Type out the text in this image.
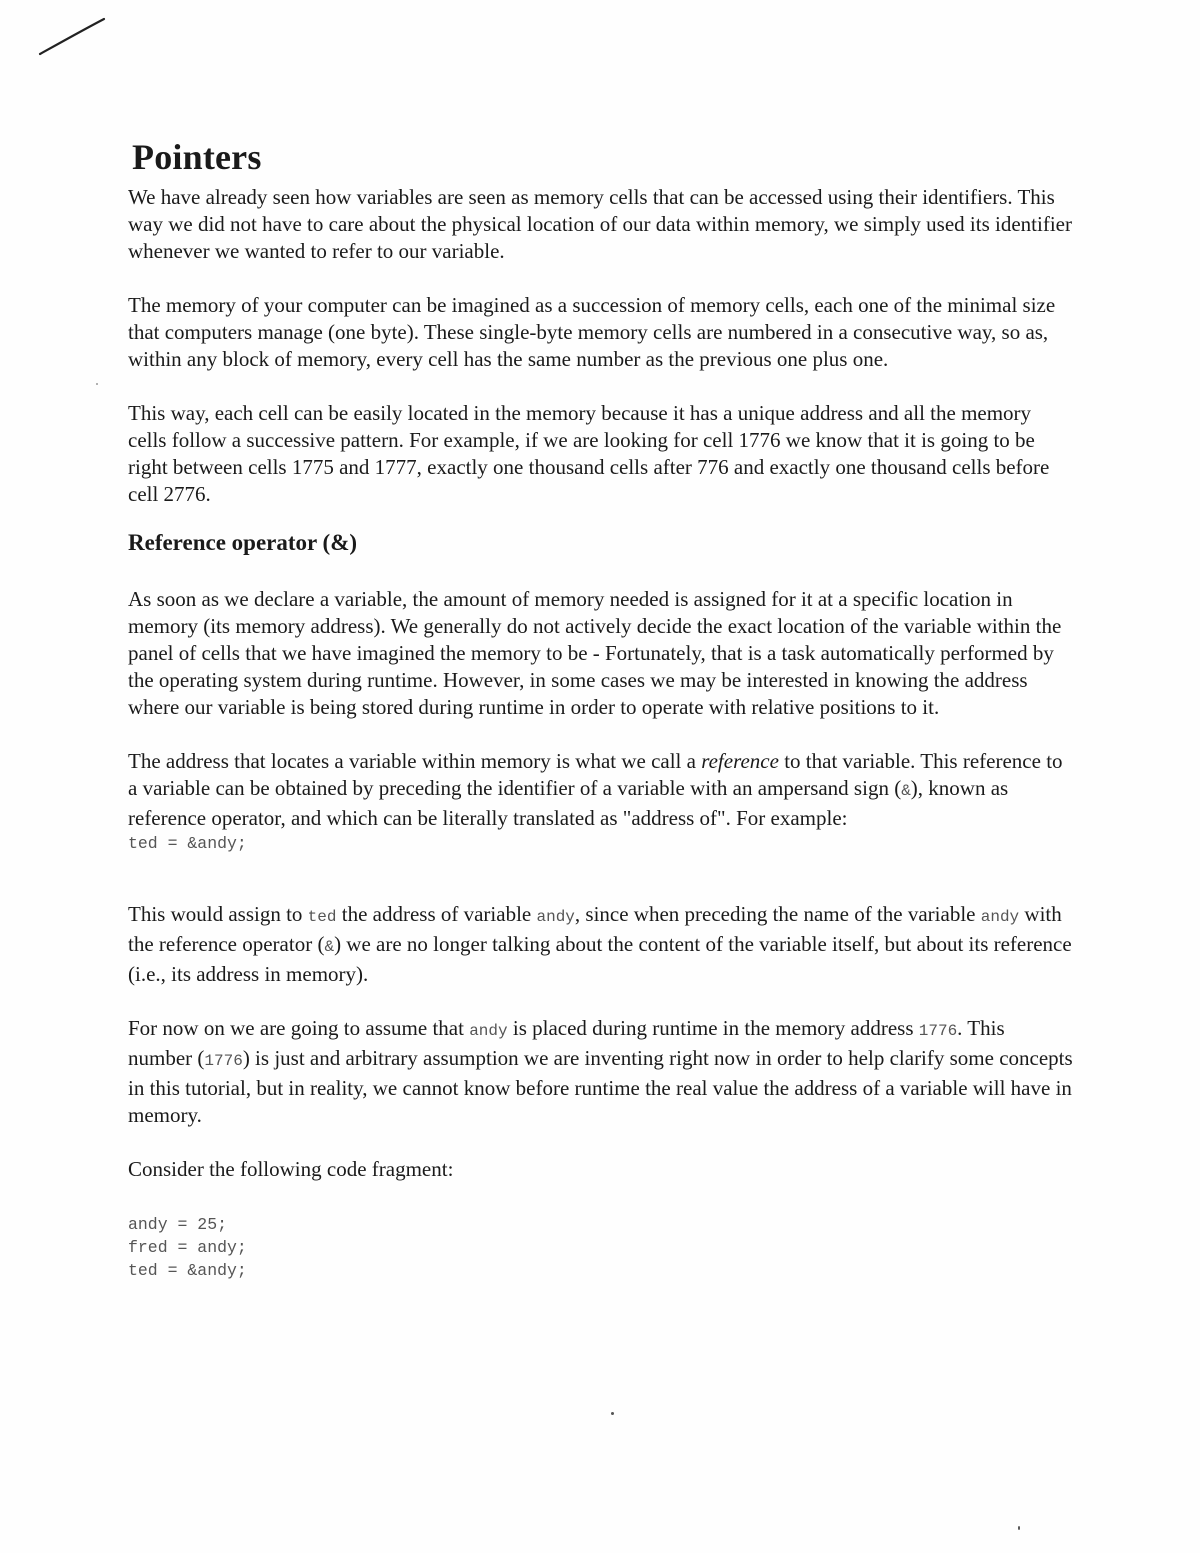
Pointers

We have already seen how variables are seen as memory cells that can be accessed using their identifiers. This way we did not have to care about the physical location of our data within memory, we simply used its identifier whenever we wanted to refer to our variable.

The memory of your computer can be imagined as a succession of memory cells, each one of the minimal size that computers manage (one byte). These single-byte memory cells are numbered in a consecutive way, so as, within any block of memory, every cell has the same number as the previous one plus one.

This way, each cell can be easily located in the memory because it has a unique address and all the memory cells follow a successive pattern. For example, if we are looking for cell 1776 we know that it is going to be right between cells 1775 and 1777, exactly one thousand cells after 776 and exactly one thousand cells before cell 2776.

Reference operator (&)

As soon as we declare a variable, the amount of memory needed is assigned for it at a specific location in memory (its memory address). We generally do not actively decide the exact location of the variable within the panel of cells that we have imagined the memory to be - Fortunately, that is a task automatically performed by the operating system during runtime. However, in some cases we may be interested in knowing the address where our variable is being stored during runtime in order to operate with relative positions to it.

The address that locates a variable within memory is what we call a reference to that variable. This reference to a variable can be obtained by preceding the identifier of a variable with an ampersand sign (&), known as reference operator, and which can be literally translated as "address of". For example:

ted = &andy;

This would assign to ted the address of variable andy, since when preceding the name of the variable andy with the reference operator (&) we are no longer talking about the content of the variable itself, but about its reference (i.e., its address in memory).

For now on we are going to assume that andy is placed during runtime in the memory address 1776. This number (1776) is just and arbitrary assumption we are inventing right now in order to help clarify some concepts in this tutorial, but in reality, we cannot know before runtime the real value the address of a variable will have in memory.

Consider the following code fragment:

andy = 25;
fred = andy;
ted = &andy;
